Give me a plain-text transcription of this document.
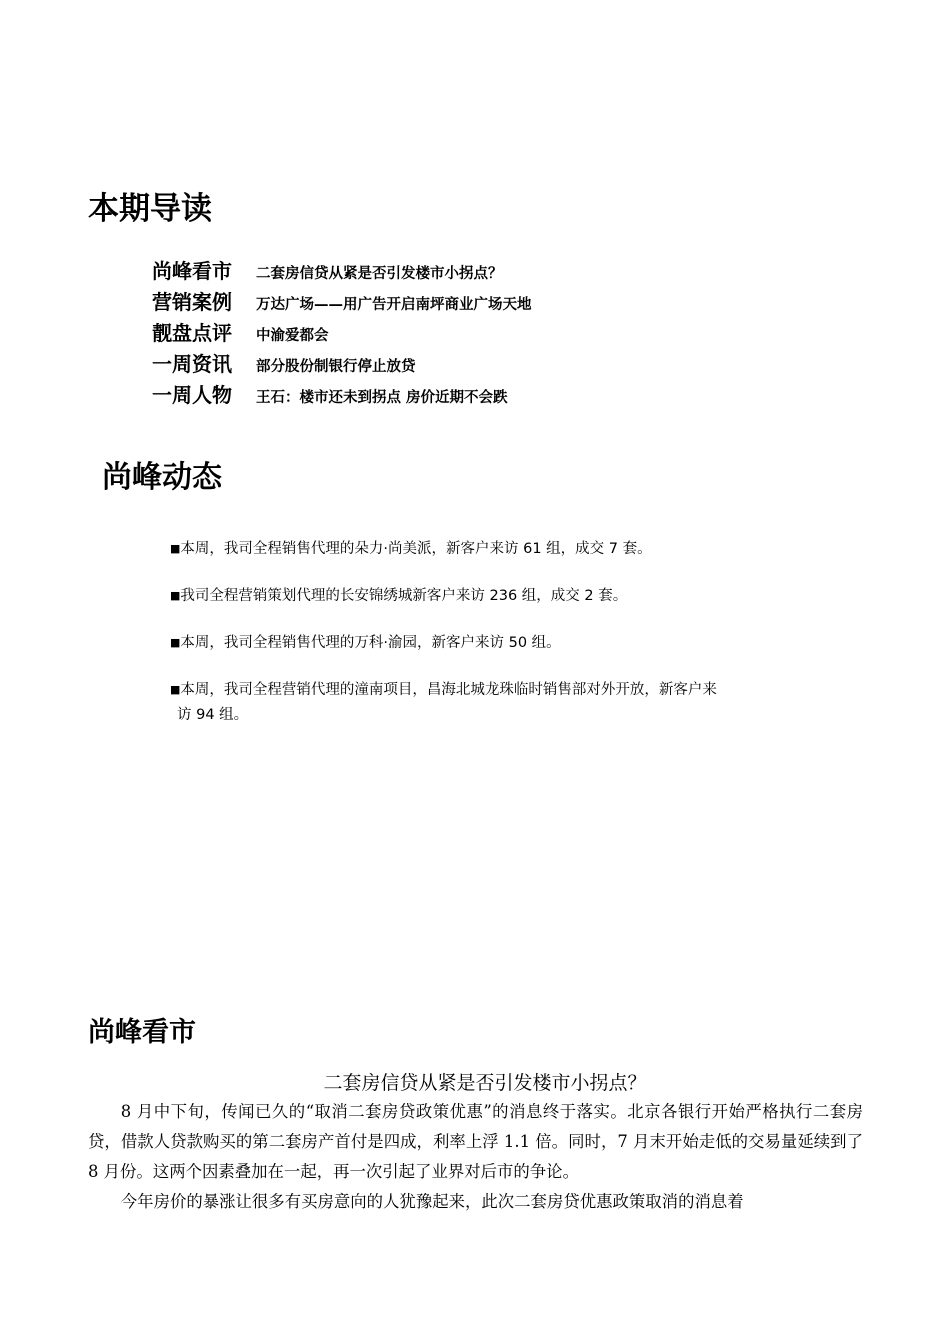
本期导读
尚峰看市 二套房信贷从紧是否引发楼市小拐点？
营销案例 万达广场——用广告开启南坪商业广场天地
靓盘点评 中渝爱都会
一周资讯 部分股份制银行停止放贷
一周人物 王石：楼市还未到拐点 房价近期不会跌
尚峰动态
■本周，我司全程销售代理的朵力·尚美派，新客户来访 61 组，成交 7 套。
■我司全程营销策划代理的长安锦绣城新客户来访 236 组，成交 2 套。
■本周，我司全程销售代理的万科·渝园，新客户来访 50 组。
■本周，我司全程营销代理的潼南项目，昌海北城龙珠临时销售部对外开放，新客户来
访 94 组。
尚峰看市
二套房信贷从紧是否引发楼市小拐点？

8 月中下旬，传闻已久的“取消二套房贷政策优惠”的消息终于落实。北京各银行开始严格执行二套房贷，借款人贷款购买的第二套房产首付是四成，利率上浮 1.1 倍。同时，7 月末开始走低的交易量延续到了 8 月份。这两个因素叠加在一起，再一次引起了业界对后市的争论。

今年房价的暴涨让很多有买房意向的人犹豫起来，此次二套房贷优惠政策取消的消息着
